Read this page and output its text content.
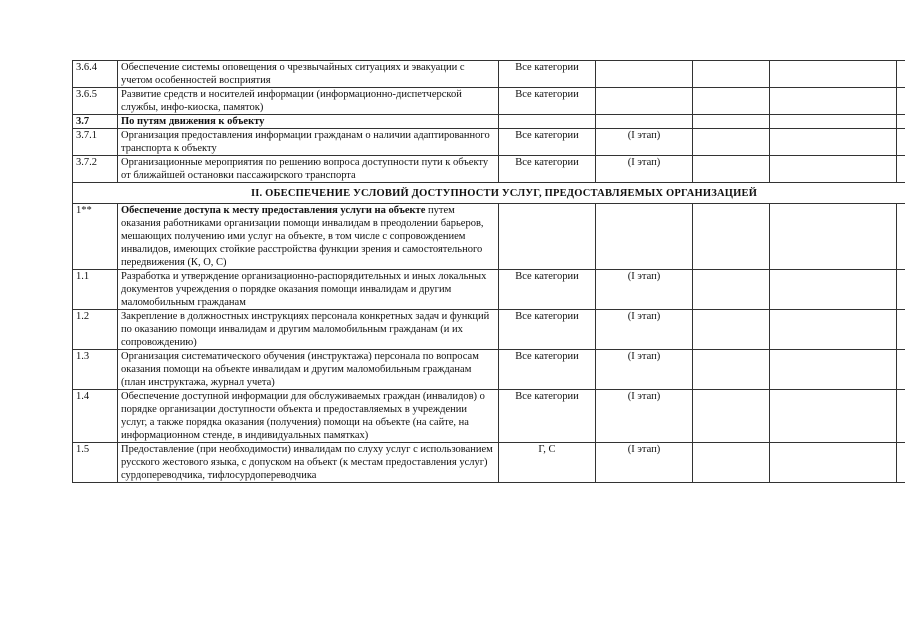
3.6.4	Обеспечение системы оповещения о чрезвычайных ситуациях и эвакуации с учетом особенностей восприятия	Все категории				
3.6.5	Развитие средств и носителей информации (информационно-диспетчерской службы, инфо-киоска, памяток)	Все категории				
3.7	По путям движения к объекту					
3.7.1	Организация предоставления информации гражданам о наличии адаптированного транспорта к объекту	Все категории	(I этап)			
3.7.2	Организационные мероприятия по решению вопроса доступности пути к объекту от ближайшей остановки пассажирского транспорта	Все категории	(I этап)			
II. ОБЕСПЕЧЕНИЕ УСЛОВИЙ ДОСТУПНОСТИ УСЛУГ, ПРЕДОСТАВЛЯЕМЫХ ОРГАНИЗАЦИЕЙ						
1**	Обеспечение доступа к месту предоставления услуги на объекте путем оказания работниками организации помощи инвалидам в преодолении барьеров, мешающих получению ими услуг на объекте, в том числе с сопровождением инвалидов, имеющих стойкие расстройства функции зрения и самостоятельного передвижения (К, О, С)					
1.1	Разработка и утверждение организационно-распорядительных и иных локальных документов учреждения о порядке оказания помощи инвалидам и другим маломобильным гражданам	Все категории	(I этап)			
1.2	Закрепление в должностных инструкциях персонала конкретных задач и функций по оказанию помощи инвалидам и другим маломобильным гражданам (и их сопровождению)	Все категории	(I этап)			
1.3	Организация систематического обучения (инструктажа) персонала по вопросам оказания помощи на объекте инвалидам и другим маломобильным гражданам (план инструктажа, журнал учета)	Все категории	(I этап)			
1.4	Обеспечение доступной информации для обслуживаемых граждан (инвалидов) о порядке организации доступности объекта и предоставляемых в учреждении услуг, а также порядка оказания (получения) помощи на объекте (на сайте, на информационном стенде, в индивидуальных памятках)	Все категории	(I этап)			
1.5	Предоставление (при необходимости) инвалидам по слуху услуг с использованием русского жестового языка, с допуском на объект (к местам предоставления услуг) сурдопереводчика, тифлосурдопереводчика	Г, С	(I этап)			
